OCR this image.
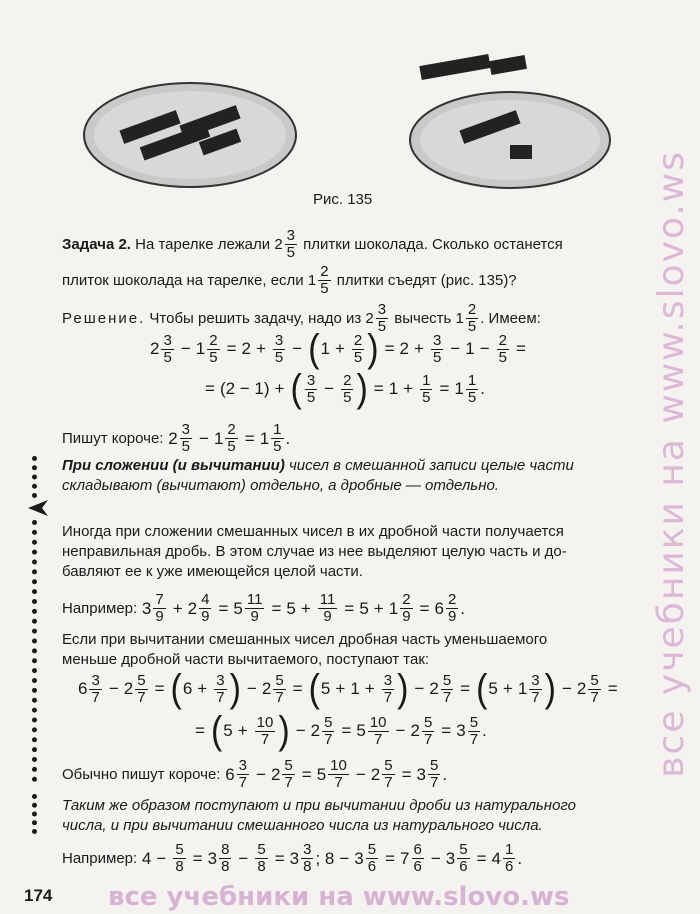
Рис. 135
Задача 2.
На тарелке лежали
$2 \frac{3}{5}$
плитки шоколада. Сколько останется
плиток шоколада на тарелке, если
$1 \frac{2}{5}$
плитки съедят (рис. 135)?
Решение.
Чтобы решить задачу, надо из
$2 \frac{3}{5}$
вычесть
$1 \frac{2}{5}$ . Имеем:
$2 \frac{3}{5} - 1 \frac{2}{5} = 2 + \frac{3}{5}$ − ( $1 + \frac{2}{5}$ ) = $2 + \frac{3}{5} - 1 - \frac{2}{5}$ =
= (2 − 1) + ( $\frac{3}{5} - \frac{2}{5}$ ) = $1 + \frac{1}{5} = 1 \frac{1}{5}$ .
Пишут короче: $2 \frac{3}{5} - 1 \frac{2}{5} = 1 \frac{1}{5}$ .
При сложении (и вычитании) чисел в смешанной записи целые части
складывают (вычитают) отдельно, а дробные — отдельно.
Иногда при сложении смешанных чисел в их дробной части получается
неправильная дробь. В этом случае из нее выделяют целую часть и до-
бавляют ее к уже имеющейся целой части.
Например: $3 \frac{7}{9} + 2 \frac{4}{9} = 5 \frac{11}{9} = 5 + \frac{11}{9} = 5 + 1 \frac{2}{9} = 6 \frac{2}{9}$ .
Если при вычитании смешанных чисел дробная часть уменьшаемого
меньше дробной части вычитаемого, поступают так:
$6 \frac{3}{7} - 2 \frac{5}{7}$ = ( $6 + \frac{3}{7}$ ) − $2 \frac{5}{7}$ = ( $5 + 1 + \frac{3}{7}$ ) − $2 \frac{5}{7}$ = ( $5 + 1 \frac{3}{7}$ ) − $2 \frac{5}{7}$ =
= ( $5 + \frac{10}{7}$ ) − $2 \frac{5}{7} = 5 \frac{10}{7} - 2 \frac{5}{7} = 3 \frac{5}{7}$ .
Обычно пишут короче: $6 \frac{3}{7} - 2 \frac{5}{7} = 5 \frac{10}{7} - 2 \frac{5}{7} = 3 \frac{5}{7}$ .
Таким же образом поступают и при вычитании дроби из натурального
числа, и при вычитании смешанного числа из натурального числа.
Например: $4 - \frac{5}{8} = 3 \frac{8}{8} - \frac{5}{8} = 3 \frac{3}{8}$ ; $8 - 3 \frac{5}{6} = 7 \frac{6}{6} - 3 \frac{5}{6} = 4 \frac{1}{6}$ .
174 все учебники на www.slovo.ws
все учебники на www.slovo.ws
